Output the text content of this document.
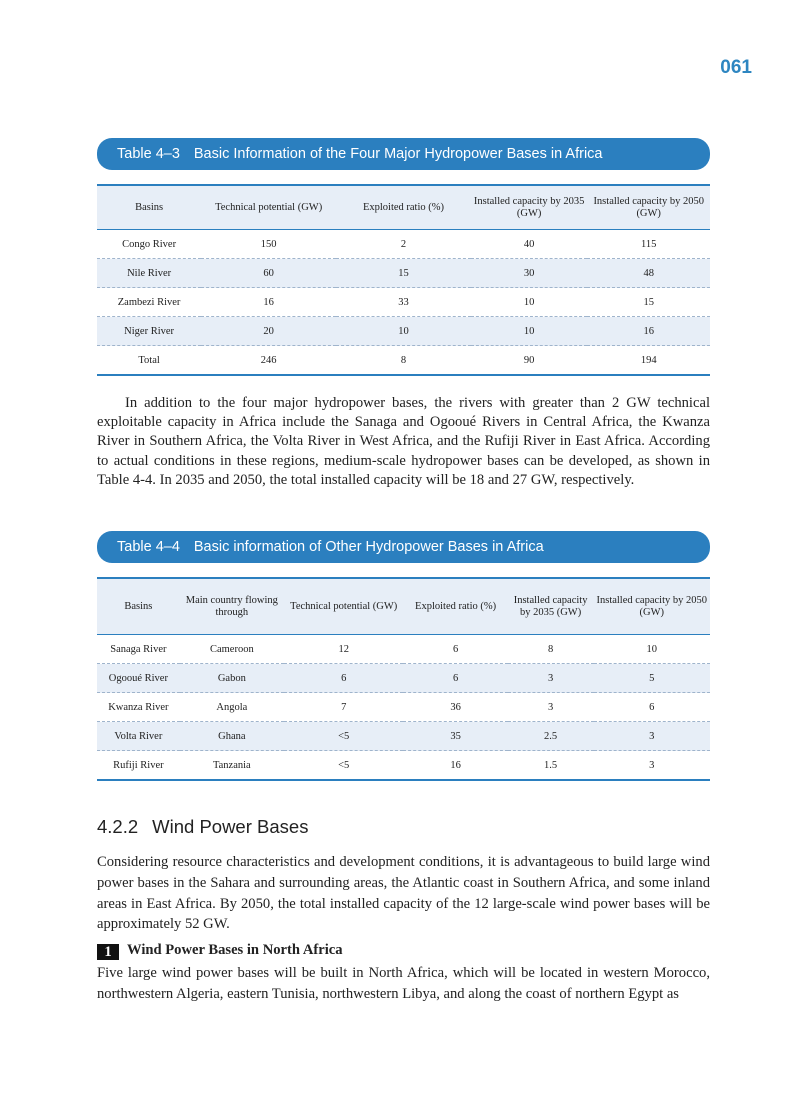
061
Table 4–3 Basic Information of the Four Major Hydropower Bases in Africa
Basins	Technical potential (GW)	Exploited ratio (%)	Installed capacity by 2035 (GW)	Installed capacity by 2050 (GW)
Congo River	150	2	40	115
Nile River	60	15	30	48
Zambezi River	16	33	10	15
Niger River	20	10	10	16
Total	246	8	90	194

In addition to the four major hydropower bases, the rivers with greater than 2 GW technical exploitable capacity in Africa include the Sanaga and Ogooué Rivers in Central Africa, the Kwanza River in Southern Africa, the Volta River in West Africa, and the Rufiji River in East Africa. According to actual conditions in these regions, medium-scale hydropower bases can be developed, as shown in Table 4-4. In 2035 and 2050, the total installed capacity will be 18 and 27 GW, respectively.

Table 4–4 Basic information of Other Hydropower Bases in Africa
Basins	Main country flowing through	Technical potential (GW)	Exploited ratio (%)	Installed capacity by 2035 (GW)	Installed capacity by 2050 (GW)
Sanaga River	Cameroon	12	6	8	10
Ogooué River	Gabon	6	6	3	5
Kwanza River	Angola	7	36	3	6
Volta River	Ghana	<5	35	2.5	3
Rufiji River	Tanzania	<5	16	1.5	3
4.2.2 Wind Power Bases

Considering resource characteristics and development conditions, it is advantageous to build large wind power bases in the Sahara and surrounding areas, the Atlantic coast in Southern Africa, and some inland areas in East Africa. By 2050, the total installed capacity of the 12 large-scale wind power bases will be approximately 52 GW.

1 Wind Power Bases in North Africa

Five large wind power bases will be built in North Africa, which will be located in western Morocco, northwestern Algeria, eastern Tunisia, northwestern Libya, and along the coast of northern Egypt as
